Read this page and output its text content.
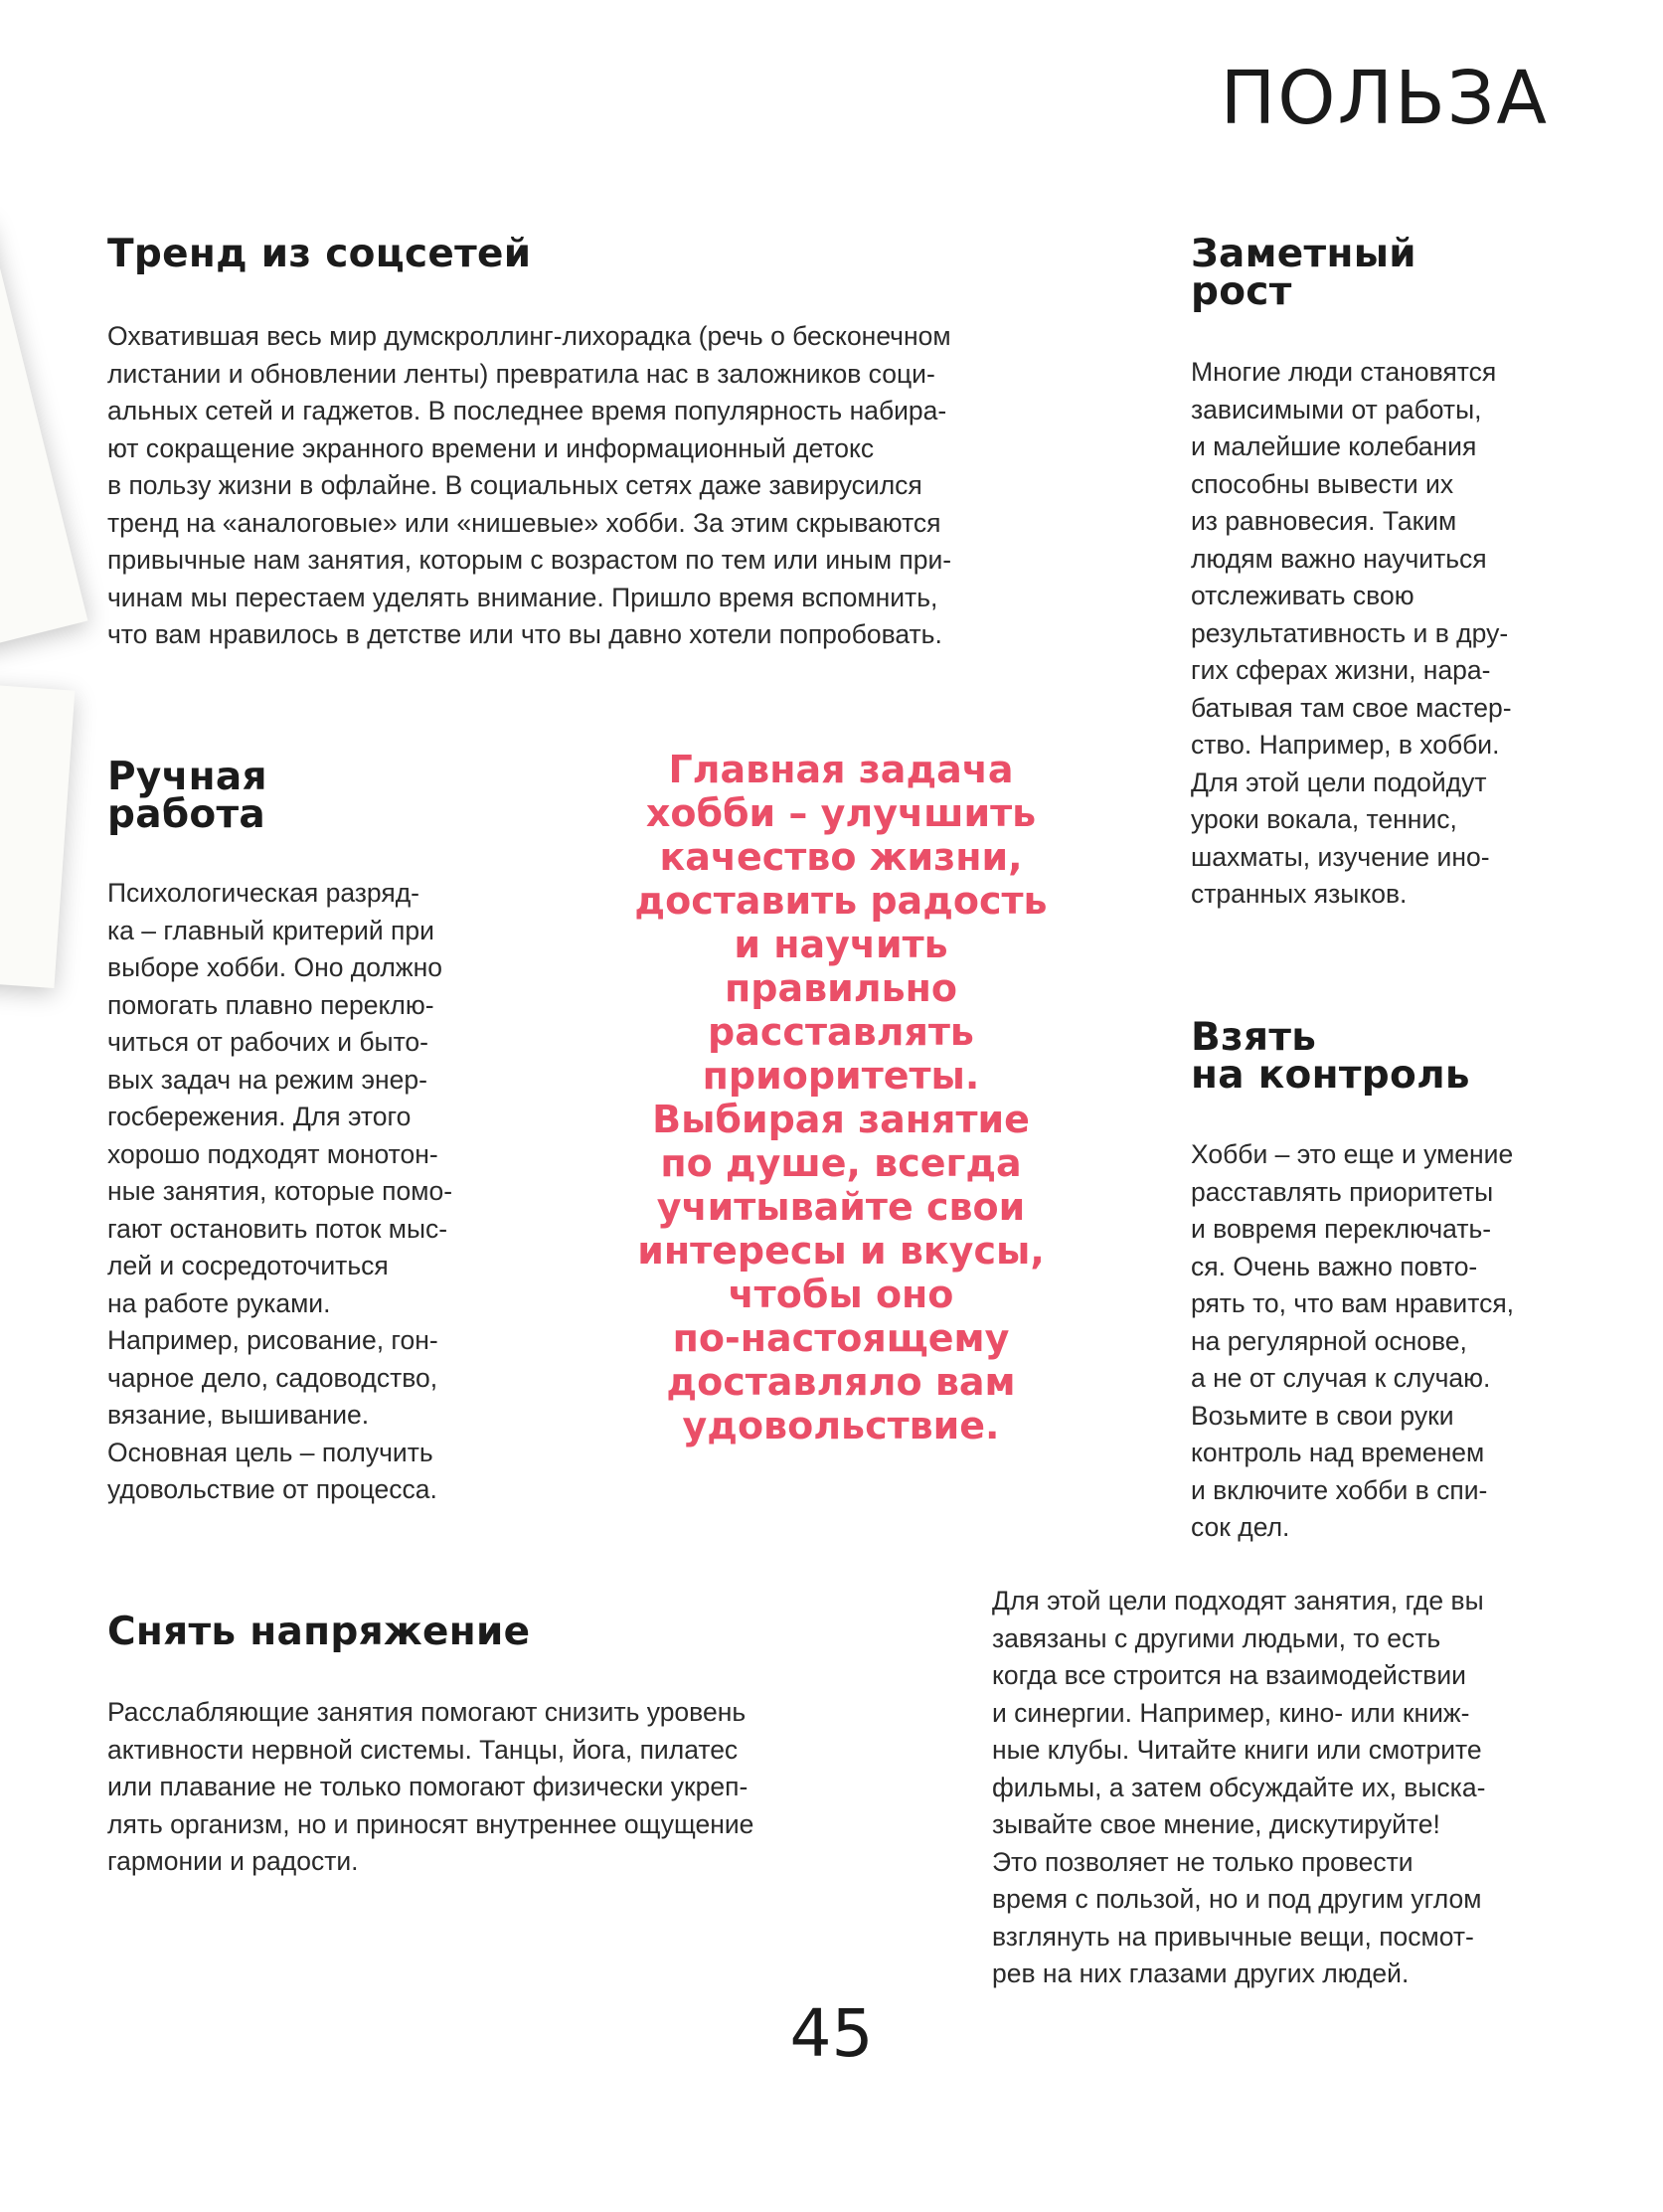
ПОЛЬЗА
Тренд из соцсетей

Охватившая весь мир думскроллинг-лихорадка (речь о бесконечном
листании и обновлении ленты) превратила нас в заложников соци-
альных сетей и гаджетов. В последнее время популярность набира-
ют сокращение экранного времени и информационный детокс
в пользу жизни в офлайне. В социальных сетях даже завирусился
тренд на «аналоговые» или «нишевые» хобби. За этим скрываются
привычные нам занятия, которым с возрастом по тем или иным при-
чинам мы перестаем уделять внимание. Пришло время вспомнить,
что вам нравилось в детстве или что вы давно хотели попробовать.

Заметный
рост

Многие люди становятся
зависимыми от работы,
и малейшие колебания
способны вывести их
из равновесия. Таким
людям важно научиться
отслеживать свою
результативность и в дру-
гих сферах жизни, нара-
батывая там свое мастер-
ство. Например, в хобби.
Для этой цели подойдут
уроки вокала, теннис,
шахматы, изучение ино-
странных языков.

Ручная
работа

Психологическая разряд-
ка – главный критерий при
выборе хобби. Оно должно
помогать плавно переклю-
читься от рабочих и быто-
вых задач на режим энер-
госбережения. Для этого
хорошо подходят монотон-
ные занятия, которые помо-
гают остановить поток мыс-
лей и сосредоточиться
на работе руками.
Например, рисование, гон-
чарное дело, садоводство,
вязание, вышивание.
Основная цель – получить
удовольствие от процесса.

Главная задача
хобби – улучшить
качество жизни,
доставить радость
и научить
правильно
расставлять
приоритеты.
Выбирая занятие
по душе, всегда
учитывайте свои
интересы и вкусы,
чтобы оно
по-настоящему
доставляло вам
удовольствие.

Взять
на контроль

Хобби – это еще и умение
расставлять приоритеты
и вовремя переключать-
ся. Очень важно повто-
рять то, что вам нравится,
на регулярной основе,
а не от случая к случаю.
Возьмите в свои руки
контроль над временем
и включите хобби в спи-
сок дел.

Снять напряжение

Расслабляющие занятия помогают снизить уровень
активности нервной системы. Танцы, йога, пилатес
или плавание не только помогают физически укреп-
лять организм, но и приносят внутреннее ощущение
гармонии и радости.

Для этой цели подходят занятия, где вы
завязаны с другими людьми, то есть
когда все строится на взаимодействии
и синергии. Например, кино- или книж-
ные клубы. Читайте книги или смотрите
фильмы, а затем обсуждайте их, выска-
зывайте свое мнение, дискутируйте!
Это позволяет не только провести
время с пользой, но и под другим углом
взглянуть на привычные вещи, посмот-
рев на них глазами других людей.

45
